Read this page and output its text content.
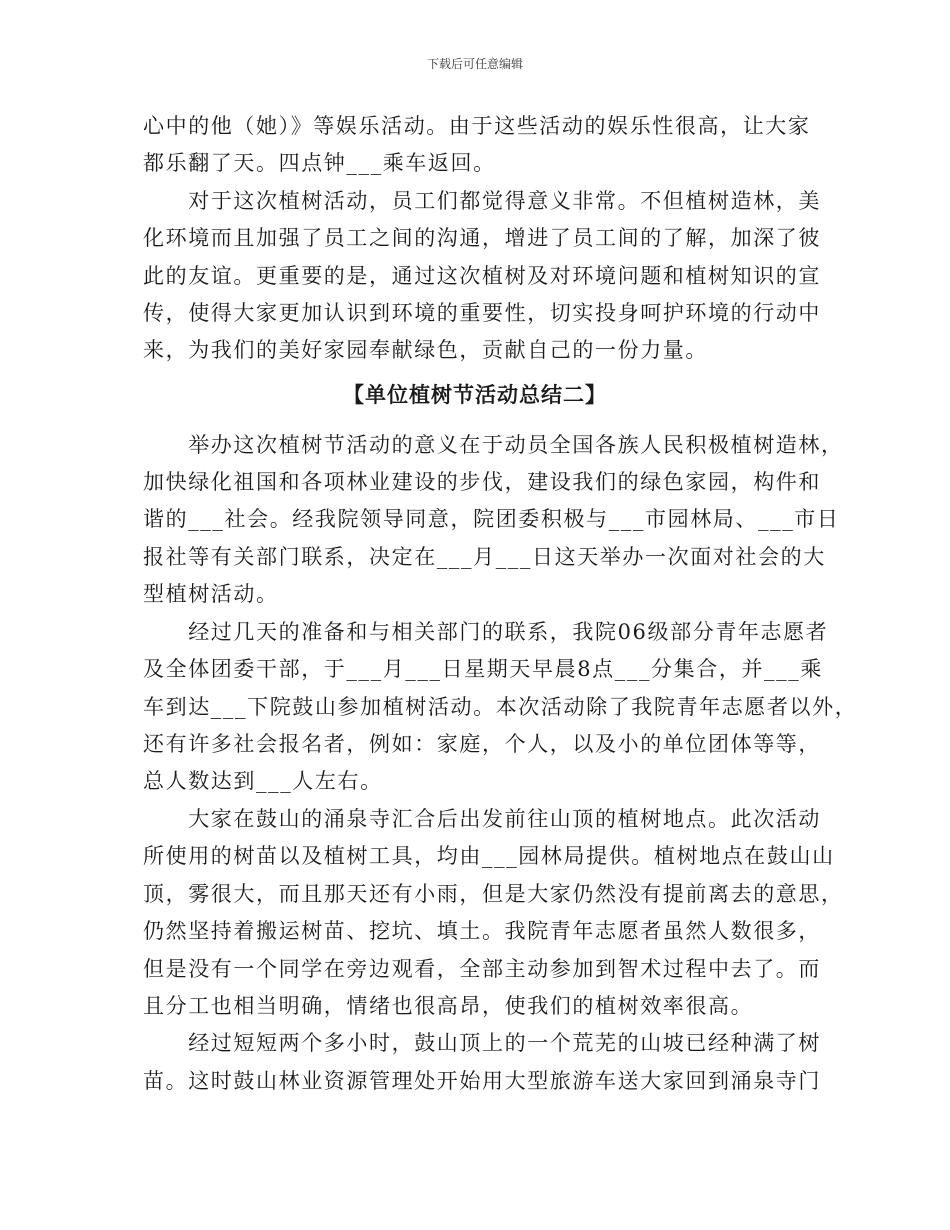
下载后可任意编辑
心中的他（她）》等娱乐活动。由于这些活动的娱乐性很高，让大家
都乐翻了天。四点钟___乘车返回。
　　对于这次植树活动，员工们都觉得意义非常。不但植树造林，美
化环境而且加强了员工之间的沟通，增进了员工间的了解，加深了彼
此的友谊。更重要的是，通过这次植树及对环境问题和植树知识的宣
传，使得大家更加认识到环境的重要性，切实投身呵护环境的行动中
来，为我们的美好家园奉献绿色，贡献自己的一份力量。
【单位植树节活动总结二】
　　举办这次植树节活动的意义在于动员全国各族人民积极植树造林，
加快绿化祖国和各项林业建设的步伐，建设我们的绿色家园，构件和
谐的___社会。经我院领导同意，院团委积极与___市园林局、___市日
报社等有关部门联系，决定在___月___日这天举办一次面对社会的大
型植树活动。
　　经过几天的准备和与相关部门的联系，我院06级部分青年志愿者
及全体团委干部，于___月___日星期天早晨8点___分集合，并___乘
车到达___下院鼓山参加植树活动。本次活动除了我院青年志愿者以外，
还有许多社会报名者，例如：家庭，个人，以及小的单位团体等等，
总人数达到___人左右。
　　大家在鼓山的涌泉寺汇合后出发前往山顶的植树地点。此次活动
所使用的树苗以及植树工具，均由___园林局提供。植树地点在鼓山山
顶，雾很大，而且那天还有小雨，但是大家仍然没有提前离去的意思，
仍然坚持着搬运树苗、挖坑、填土。我院青年志愿者虽然人数很多，
但是没有一个同学在旁边观看，全部主动参加到智术过程中去了。而
且分工也相当明确，情绪也很高昂，使我们的植树效率很高。
　　经过短短两个多小时，鼓山顶上的一个荒芜的山坡已经种满了树
苗。这时鼓山林业资源管理处开始用大型旅游车送大家回到涌泉寺门
